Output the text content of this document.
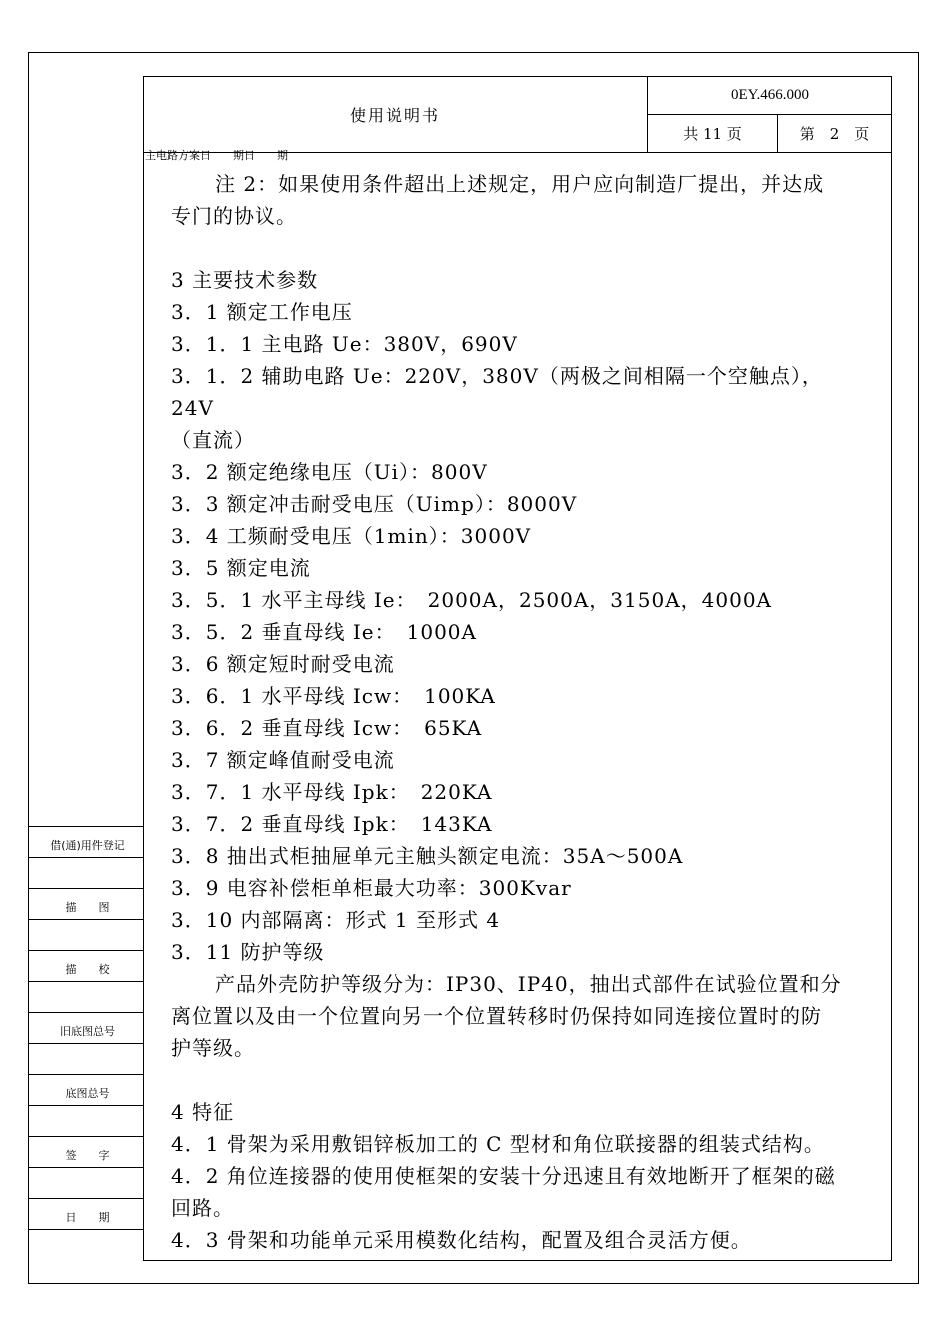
使用说明书
0EY.466.000
共 11 页	第　2　页
主电路方案日　　期日　　期

注 2：如果使用条件超出上述规定，用户应向制造厂提出，并达成

专门的协议。

3 主要技术参数

3．1 额定工作电压

3．1．1 主电路 Ue：380V，690V

3．1．2 辅助电路 Ue：220V，380V（两极之间相隔一个空触点），24V

（直流）

3．2 额定绝缘电压（Ui）：800V

3．3 额定冲击耐受电压（Uimp）：8000V

3．4 工频耐受电压（1min）：3000V

3．5 额定电流

3．5．1 水平主母线 Ie：　2000A，2500A，3150A，4000A

3．5．2 垂直母线 Ie：　1000A

3．6 额定短时耐受电流

3．6．1 水平母线 Icw：　100KA

3．6．2 垂直母线 Icw：　65KA

3．7 额定峰值耐受电流

3．7．1 水平母线 Ipk：　220KA

3．7．2 垂直母线 Ipk：　143KA

3．8 抽出式柜抽屉单元主触头额定电流：35A～500A

3．9 电容补偿柜单柜最大功率：300Kvar

3．10 内部隔离：形式 1 至形式 4

3．11 防护等级

产品外壳防护等级分为：IP30、IP40，抽出式部件在试验位置和分

离位置以及由一个位置向另一个位置转移时仍保持如同连接位置时的防

护等级。

4 特征

4．1 骨架为采用敷铝锌板加工的 C 型材和角位联接器的组装式结构。

4．2 角位连接器的使用使框架的安装十分迅速且有效地断开了框架的磁

回路。

4．3 骨架和功能单元采用模数化结构，配置及组合灵活方便。

借(通)用件登记
描　　图
描　　校
旧底图总号
底图总号
签　　字
日　　期
